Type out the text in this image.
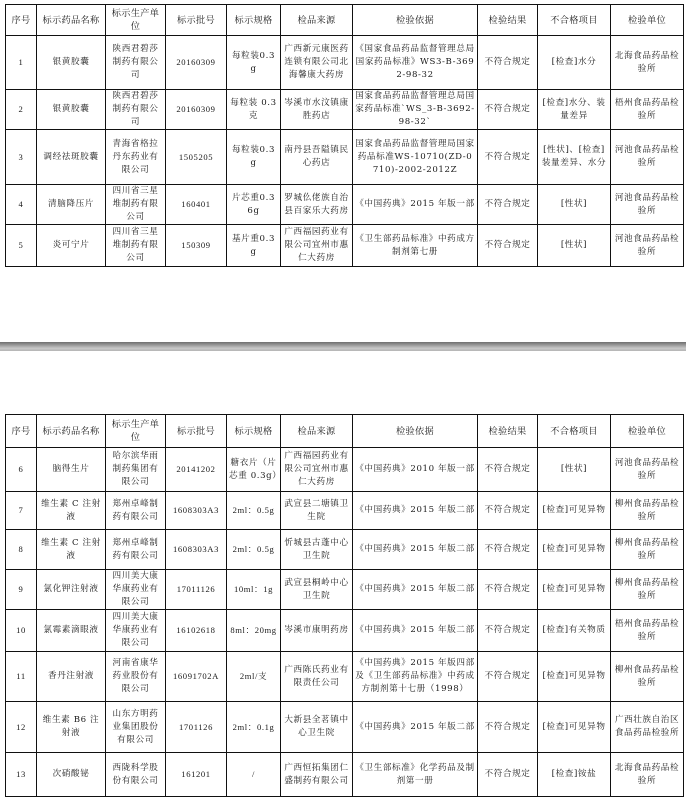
序号	标示药品名称	标示生产单位	标示批号	标示规格	检品来源	检验依据	检验结果	不合格项目	检验单位
1	银黄胶囊	陕西君碧莎制药有限公司	20160309	每粒装0.3g	广西新元康医药连锁有限公司北海馨康大药房	《国家食品药品监督管理总局国家药品标准》WS3-B-3692-98-32	不符合规定	[检查]水分	北海食品药品检验所
2	银黄胶囊	陕西君碧莎制药有限公司	20160309	每粒装 0.3克	岑溪市水汶镇康胜药店	国家食品药品监督管理总局国家药品标准`WS_3-B-3692-98-32`	不符合规定	[检查]水分、装量差异	梧州食品药品检验所
3	调经祛斑胶囊	青海省格拉丹东药业有限公司	1505205	每粒装0.3g	南丹县吾隘镇民心药店	国家食品药品监督管理局国家药品标准WS-10710(ZD-0710)-2002-2012Z	不符合规定	[性状]、[检查]装量差异、水分	河池食品药品检验所
4	清脑降压片	四川省三星堆制药有限公司	160401	片芯重0.36g	罗城仫佬族自治县百家乐大药房	《中国药典》2015 年版一部	不符合规定	[性状]	河池食品药品检验所
5	炎可宁片	四川省三星堆制药有限公司	150309	基片重0.3g	广西福园药业有限公司宜州市惠仁大药房	《卫生部药品标准》中药成方制剂第七册	不符合规定	[性状]	河池食品药品检验所
序号	标示药品名称	标示生产单位	标示批号	标示规格	检品来源	检验依据	检验结果	不合格项目	检验单位
6	脑得生片	哈尔滨华雨制药集团有限公司	20141202	糖衣片（片芯重 0.3g）	广西福园药业有限公司宜州市惠仁大药房	《中国药典》2010 年版一部	不符合规定	[性状]	河池食品药品检验所
7	维生素 C 注射液	郑州卓峰制药有限公司	1608303A3	2ml：0.5g	武宣县二塘镇卫生院	《中国药典》2015 年版二部	不符合规定	[检查]可见异物	柳州食品药品检验所
8	维生素 C 注射液	郑州卓峰制药有限公司	1608303A3	2ml：0.5g	忻城县古蓬中心卫生院	《中国药典》2015 年版二部	不符合规定	[检查]可见异物	柳州食品药品检验所
9	氯化钾注射液	四川美大康华康药业有限公司	17011126	10ml：1g	武宣县桐岭中心卫生院	《中国药典》2015 年版二部	不符合规定	[检查]可见异物	柳州食品药品检验所
10	氯霉素滴眼液	四川美大康华康药业有限公司	16102618	8ml：20mg	岑溪市康明药房	《中国药典》2015 年版二部	不符合规定	[检查]有关物质	梧州食品药品检验所
11	香丹注射液	河南省康华药业股份有限公司	16091702A	2ml/支	广西陈氏药业有限责任公司	《中国药典》2015 年版四部及《卫生部药品标准》中药成方制剂第十七册（1998）	不符合规定	[检查]可见异物	柳州食品药品检验所
12	维生素 B6 注射液	山东方明药业集团股份有限公司	1701126	2ml：0.1g	大新县全茗镇中心卫生院	《中国药典》2015 年版二部	不符合规定	[检查]可见异物	广西壮族自治区食品药品检验所
13	次硝酸铋	西陇科学股份有限公司	161201	/	广西恒拓集团仁盛制药有限公司	《卫生部标准》化学药品及制剂第一册	不符合规定	[检查]铵盐	北海食品药品检验所
